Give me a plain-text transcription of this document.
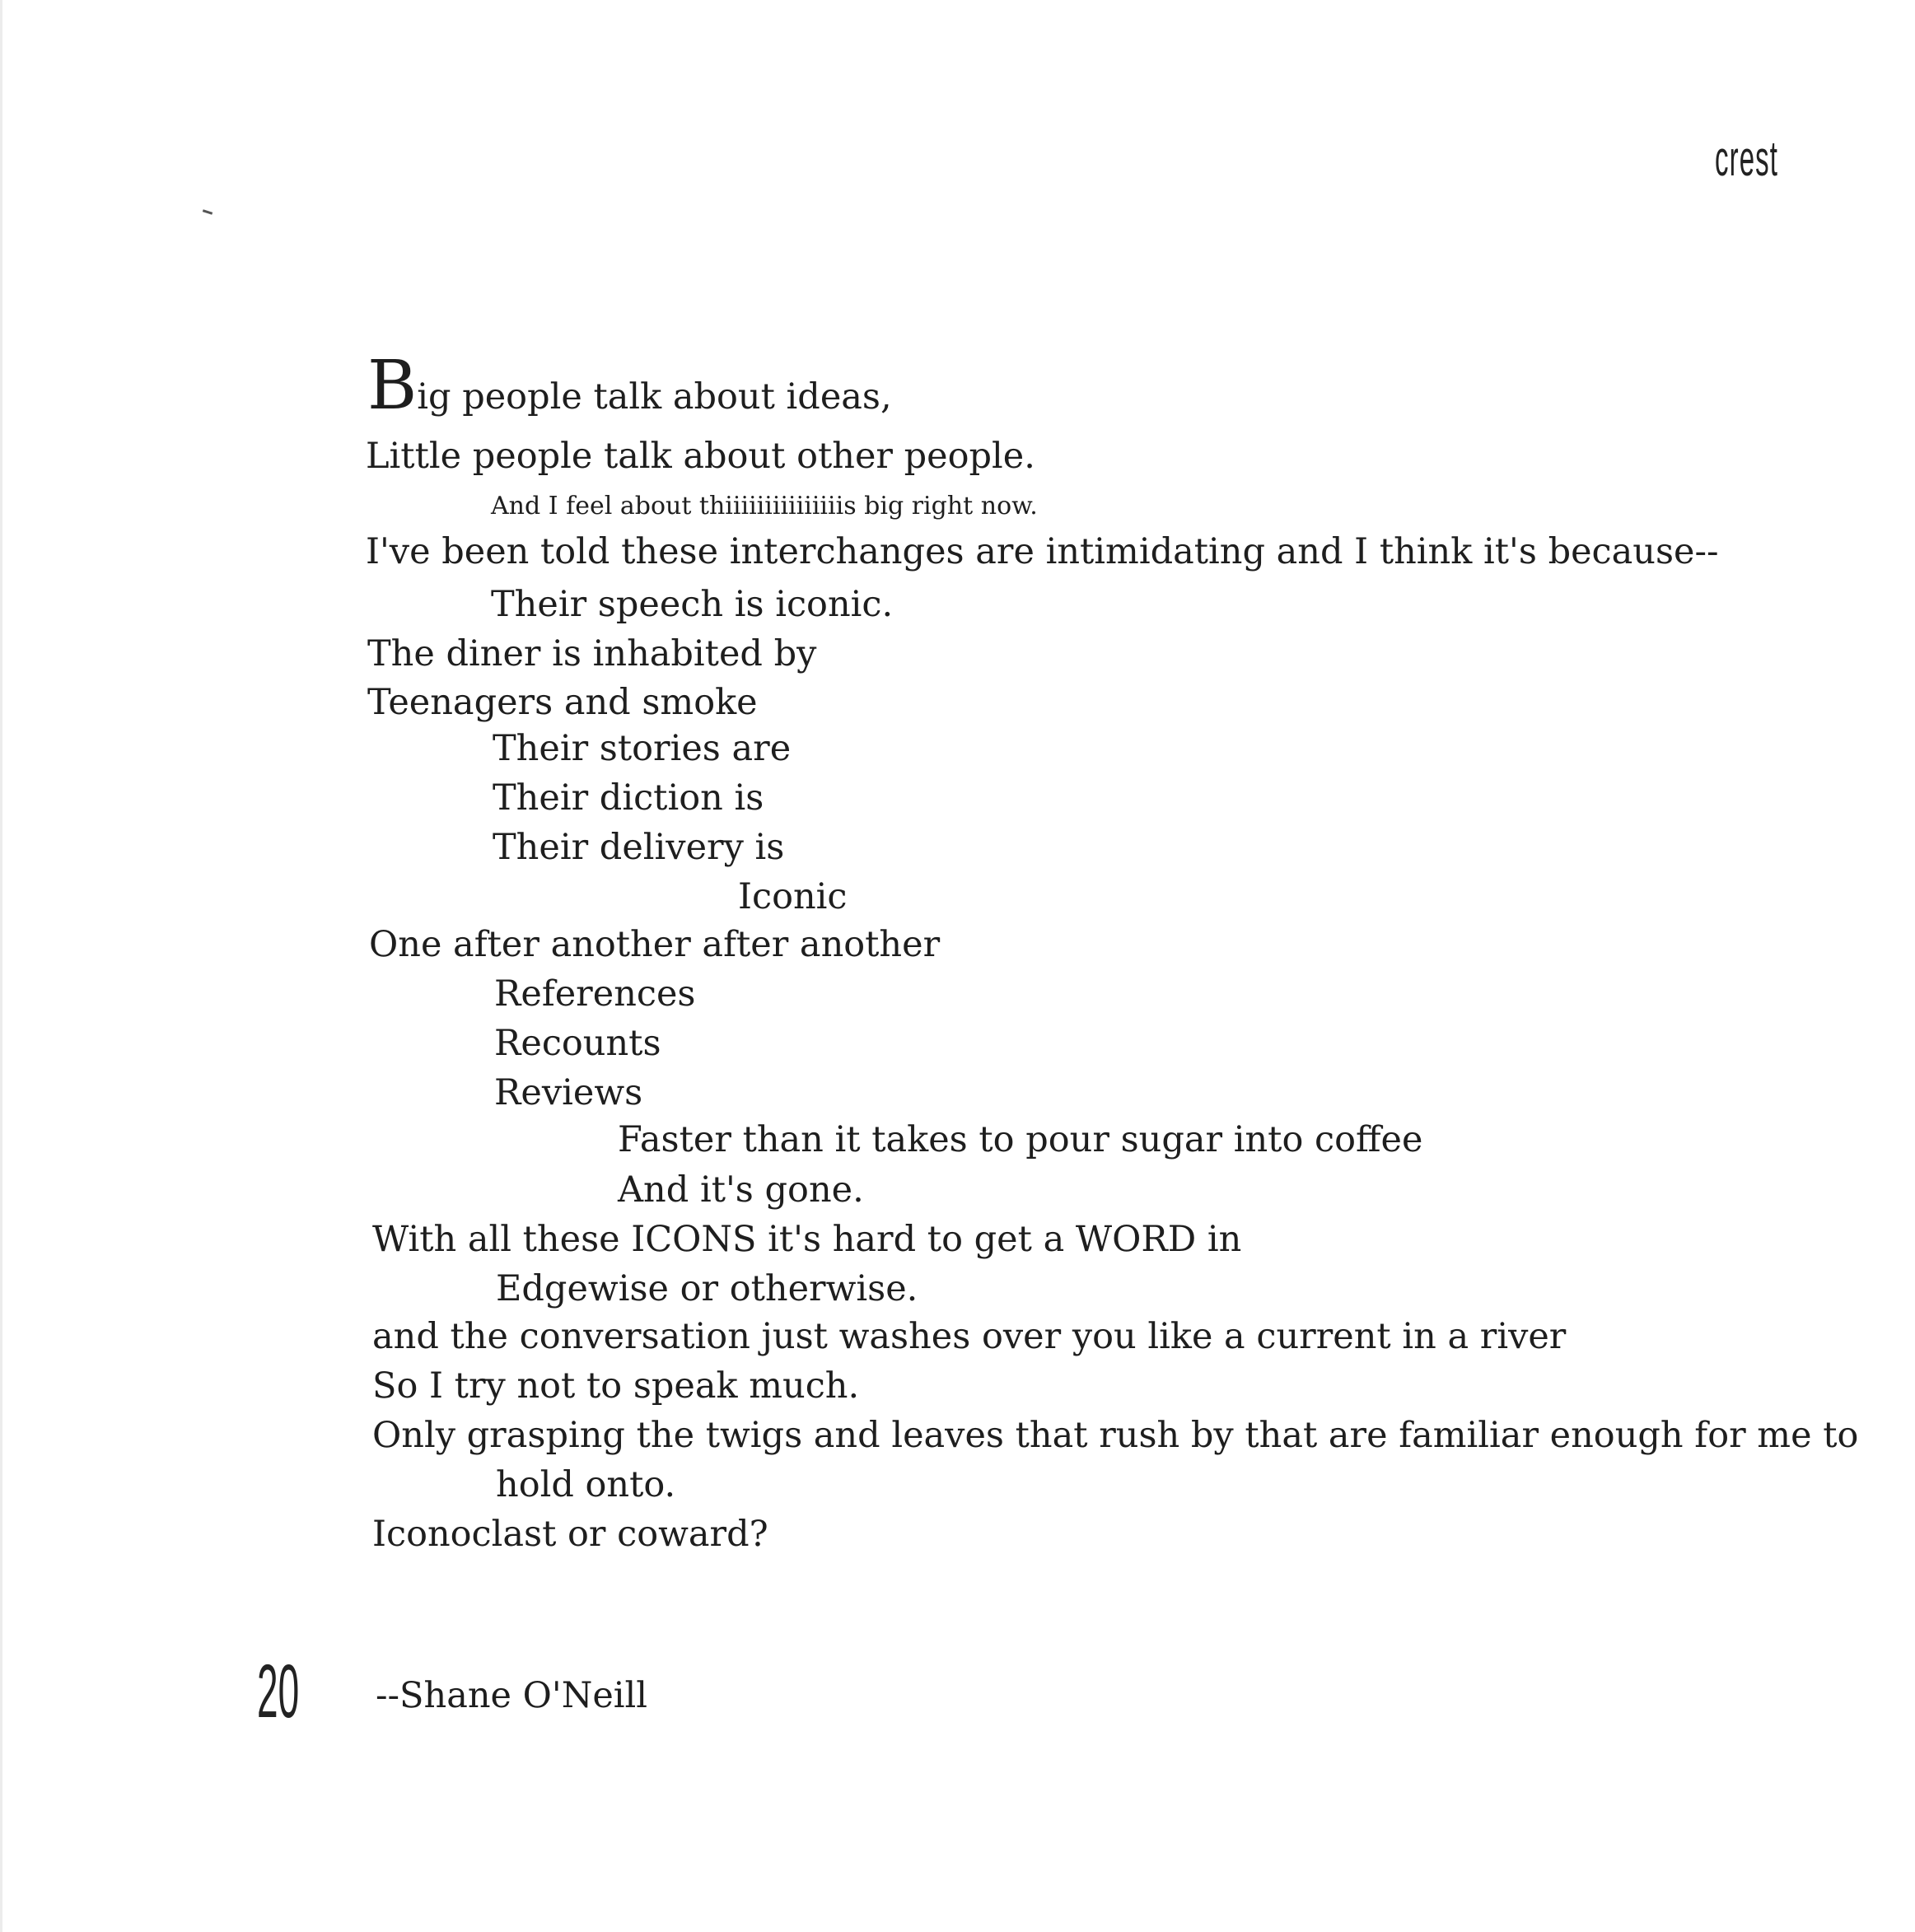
crest
Big people talk about ideas,
Little people talk about other people.
And I feel about thiiiiiiiiiiiiiiis big right now.
I've been told these interchanges are intimidating and I think it's because--
Their speech is iconic.
The diner is inhabited by
Teenagers and smoke
Their stories are
Their diction is
Their delivery is
Iconic
One after another after another
References
Recounts
Reviews
Faster than it takes to pour sugar into coffee
And it's gone.
With all these ICONS it's hard to get a WORD in
Edgewise or otherwise.
and the conversation just washes over you like a current in a river
So I try not to speak much.
Only grasping the twigs and leaves that rush by that are familiar enough for me to
hold onto.
Iconoclast or coward?
20 --Shane O'Neill
